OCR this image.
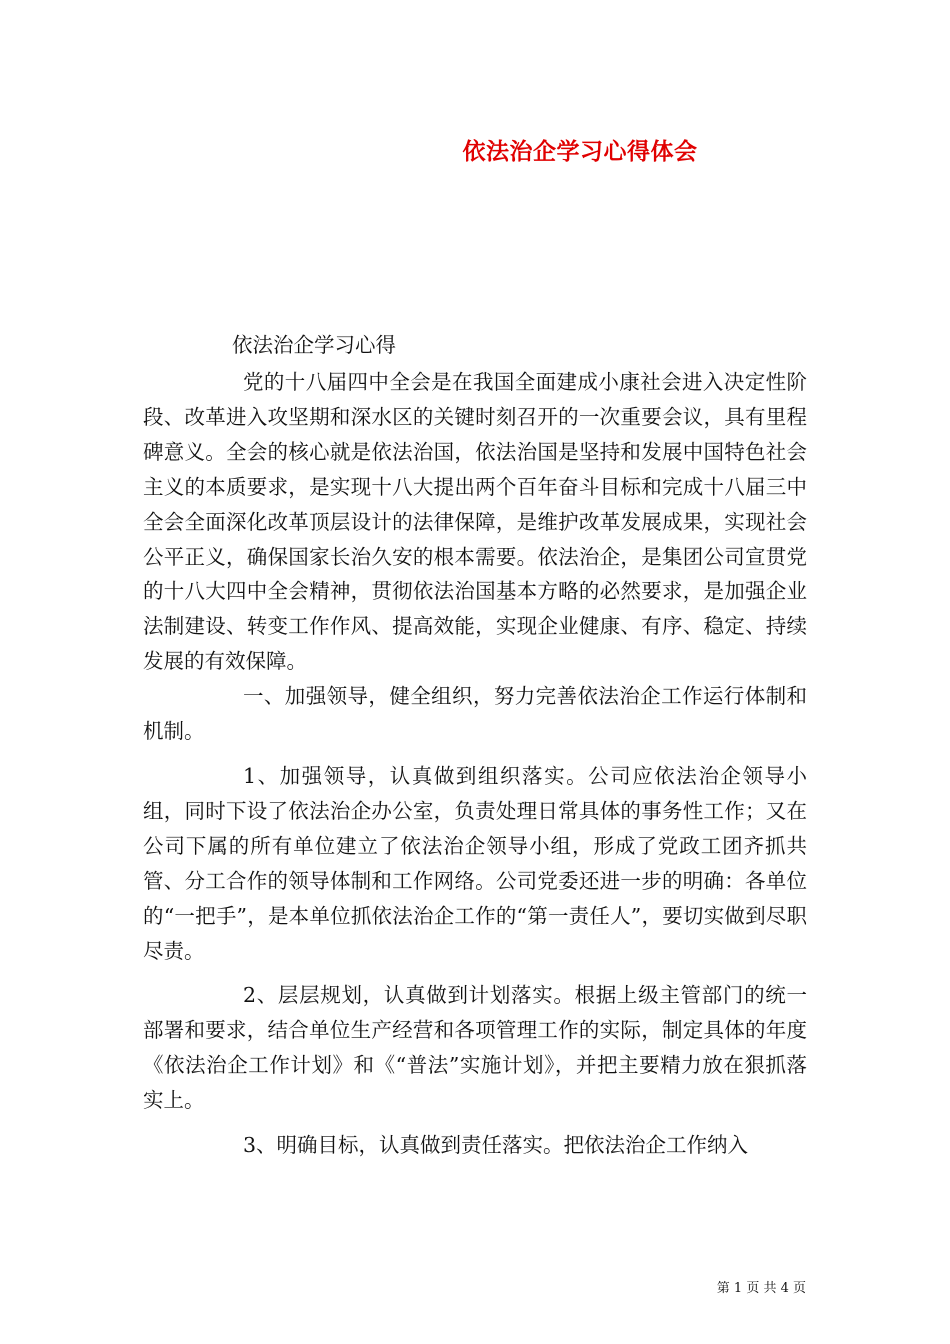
依法治企学习心得体会
依法治企学习心得

党的十八届四中全会是在我国全面建成小康社会进入决定性阶段、改革进入攻坚期和深水区的关键时刻召开的一次重要会议，具有里程碑意义。全会的核心就是依法治国，依法治国是坚持和发展中国特色社会主义的本质要求，是实现十八大提出两个百年奋斗目标和完成十八届三中全会全面深化改革顶层设计的法律保障，是维护改革发展成果，实现社会公平正义，确保国家长治久安的根本需要。依法治企，是集团公司宣贯党的十八大四中全会精神，贯彻依法治国基本方略的必然要求，是加强企业法制建设、转变工作作风、提高效能，实现企业健康、有序、稳定、持续发展的有效保障。

一、加强领导，健全组织，努力完善依法治企工作运行体制和机制。

1、加强领导，认真做到组织落实。公司应依法治企领导小组，同时下设了依法治企办公室，负责处理日常具体的事务性工作；又在公司下属的所有单位建立了依法治企领导小组，形成了党政工团齐抓共管、分工合作的领导体制和工作网络。公司党委还进一步的明确：各单位的“一把手”，是本单位抓依法治企工作的“第一责任人”，要切实做到尽职尽责。

2、层层规划，认真做到计划落实。根据上级主管部门的统一部署和要求，结合单位生产经营和各项管理工作的实际，制定具体的年度《依法治企工作计划》和《“普法”实施计划》，并把主要精力放在狠抓落实上。

3、明确目标，认真做到责任落实。把依法治企工作纳入

第 1 页 共 4 页
